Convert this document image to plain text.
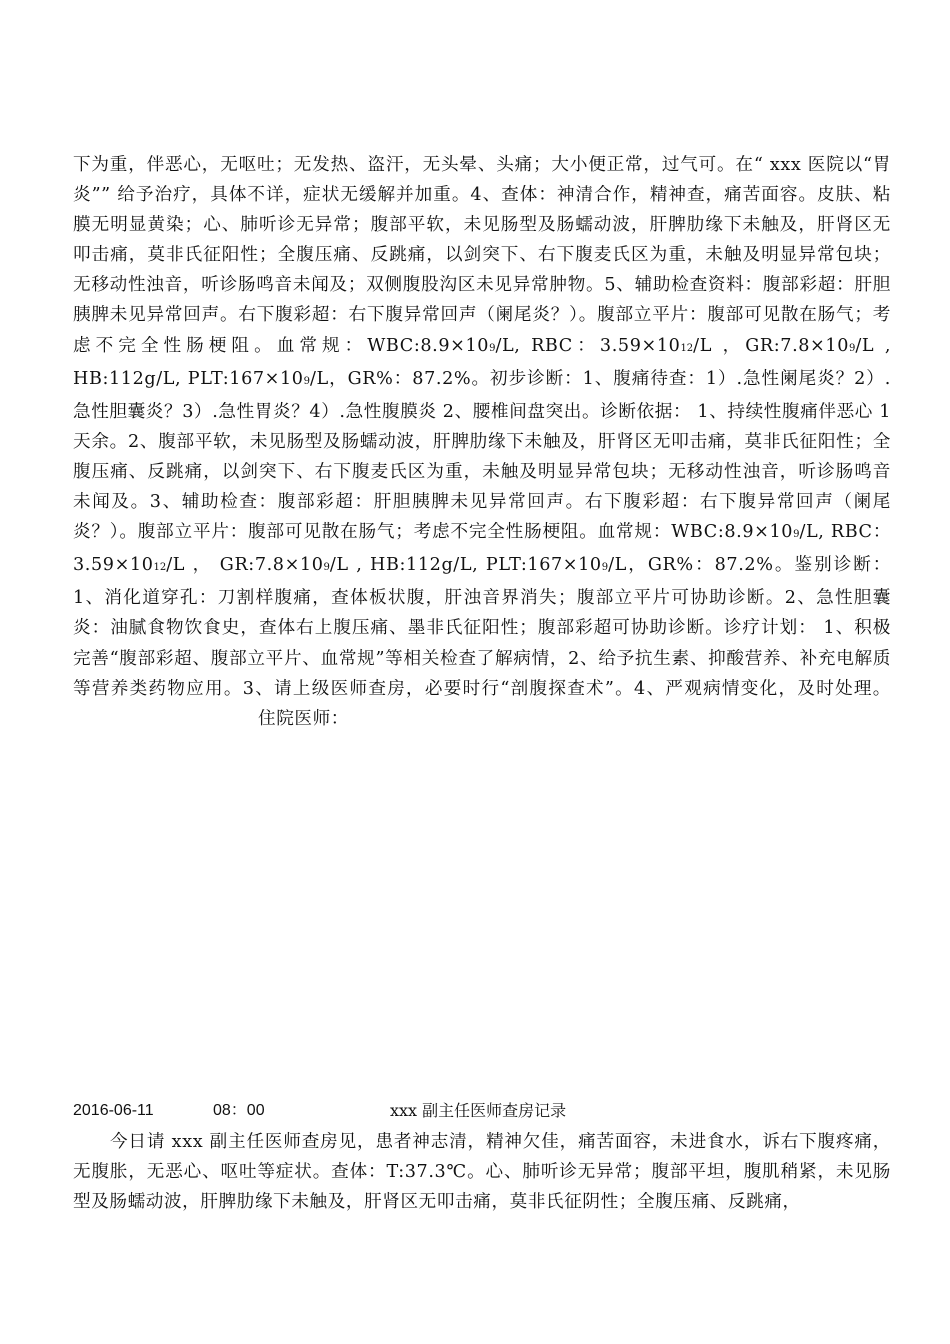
下为重，伴恶心，无呕吐；无发热、盗汗，无头晕、头痛；大小便正常，过气可。在“ xxx 医院以“胃炎”” 给予治疗，具体不详，症状无缓解并加重。4、查体：神清合作，精神查，痛苦面容。皮肤、粘膜无明显黄染；心、肺听诊无异常；腹部平软，未见肠型及肠蠕动波，肝脾肋缘下未触及，肝肾区无叩击痛，莫非氏征阳性；全腹压痛、反跳痛，以剑突下、右下腹麦氏区为重，未触及明显异常包块；无移动性浊音，听诊肠鸣音未闻及；双侧腹股沟区未见异常肿物。5、辅助检查资料：腹部彩超：肝胆胰脾未见异常回声。右下腹彩超：右下腹异常回声（阑尾炎？）。腹部立平片：腹部可见散在肠气；考虑不完全性肠梗阻。血常规：WBC:8.9×109/L, RBC：3.59×1012/L ，GR:7.8×109/L , HB:112g/L, PLT:167×109/L，GR%：87.2%。初步诊断：1、腹痛待查：1）.急性阑尾炎？2）.急性胆囊炎？3）.急性胃炎？4）.急性腹膜炎 2、腰椎间盘突出。诊断依据： 1、持续性腹痛伴恶心 1 天余。2、腹部平软，未见肠型及肠蠕动波，肝脾肋缘下未触及，肝肾区无叩击痛，莫非氏征阳性；全腹压痛、反跳痛，以剑突下、右下腹麦氏区为重，未触及明显异常包块；无移动性浊音，听诊肠鸣音未闻及。3、辅助检查：腹部彩超：肝胆胰脾未见异常回声。右下腹彩超：右下腹异常回声（阑尾炎？）。腹部立平片：腹部可见散在肠气；考虑不完全性肠梗阻。血常规：WBC:8.9×109/L, RBC： 3.59×1012/L ， GR:7.8×109/L , HB:112g/L, PLT:167×109/L，GR%：87.2%。鉴别诊断：1、消化道穿孔：刀割样腹痛，查体板状腹，肝浊音界消失；腹部立平片可协助诊断。2、急性胆囊炎：油腻食物饮食史，查体右上腹压痛、墨非氏征阳性；腹部彩超可协助诊断。诊疗计划： 1、积极完善“腹部彩超、腹部立平片、血常规”等相关检查了解病情，2、给予抗生素、抑酸营养、补充电解质等营养类药物应用。3、请上级医师查房，必要时行“剖腹探查术”。4、严观病情变化，及时处理。住院医师：

2016-06-11	08：00	xxx 副主任医师查房记录

今日请 xxx 副主任医师查房见，患者神志清，精神欠佳，痛苦面容，未进食水，诉右下腹疼痛，无腹胀，无恶心、呕吐等症状。查体：T:37.3℃。心、肺听诊无异常；腹部平坦，腹肌稍紧，未见肠型及肠蠕动波，肝脾肋缘下未触及，肝肾区无叩击痛，莫非氏征阴性；全腹压痛、反跳痛，
